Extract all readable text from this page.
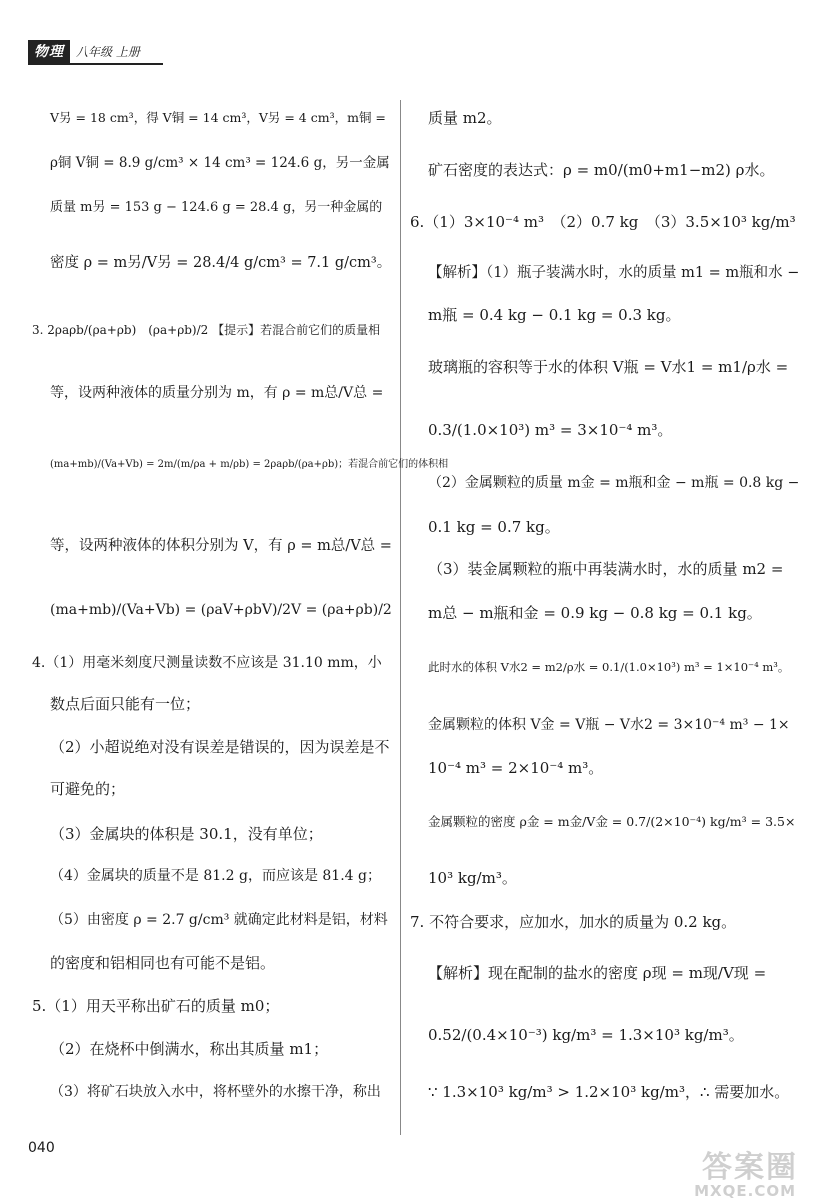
物理	八年级 上册
V另 = 18 cm³，得 V铜 = 14 cm³，V另 = 4 cm³，m铜 =
ρ铜 V铜 = 8.9 g/cm³ × 14 cm³ = 124.6 g，另一金属
质量 m另 = 153 g − 124.6 g = 28.4 g，另一种金属的
密度 ρ = m另/V另 = 28.4/4 g/cm³ = 7.1 g/cm³。
3. 2ρaρb/(ρa+ρb)　(ρa+ρb)/2 【提示】若混合前它们的质量相
等，设两种液体的质量分别为 m，有 ρ = m总/V总 =
(ma+mb)/(Va+Vb) = 2m/(m/ρa + m/ρb) = 2ρaρb/(ρa+ρb)；若混合前它们的体积相
等，设两种液体的体积分别为 V，有 ρ = m总/V总 =
(ma+mb)/(Va+Vb) = (ρaV+ρbV)/2V = (ρa+ρb)/2
4.（1）用毫米刻度尺测量读数不应该是 31.10 mm，小
数点后面只能有一位；
（2）小超说绝对没有误差是错误的，因为误差是不
可避免的；
（3）金属块的体积是 30.1，没有单位；
（4）金属块的质量不是 81.2 g，而应该是 81.4 g；
（5）由密度 ρ = 2.7 g/cm³ 就确定此材料是铝，材料
的密度和铝相同也有可能不是铝。
5.（1）用天平称出矿石的质量 m0；
（2）在烧杯中倒满水，称出其质量 m1；
（3）将矿石块放入水中，将杯壁外的水擦干净，称出
质量 m2。
矿石密度的表达式：ρ = m0/(m0+m1−m2) ρ水。
6.（1）3×10⁻⁴ m³　（2）0.7 kg　（3）3.5×10³ kg/m³
【解析】（1）瓶子装满水时，水的质量 m1 = m瓶和水 −
m瓶 = 0.4 kg − 0.1 kg = 0.3 kg。
玻璃瓶的容积等于水的体积 V瓶 = V水1 = m1/ρ水 =
0.3/(1.0×10³) m³ = 3×10⁻⁴ m³。
（2）金属颗粒的质量 m金 = m瓶和金 − m瓶 = 0.8 kg −
0.1 kg = 0.7 kg。
（3）装金属颗粒的瓶中再装满水时，水的质量 m2 =
m总 − m瓶和金 = 0.9 kg − 0.8 kg = 0.1 kg。
此时水的体积 V水2 = m2/ρ水 = 0.1/(1.0×10³) m³ = 1×10⁻⁴ m³。
金属颗粒的体积 V金 = V瓶 − V水2 = 3×10⁻⁴ m³ − 1×
10⁻⁴ m³ = 2×10⁻⁴ m³。
金属颗粒的密度 ρ金 = m金/V金 = 0.7/(2×10⁻⁴) kg/m³ = 3.5×
10³ kg/m³。
7. 不符合要求，应加水，加水的质量为 0.2 kg。
【解析】现在配制的盐水的密度 ρ现 = m现/V现 =
0.52/(0.4×10⁻³) kg/m³ = 1.3×10³ kg/m³。
∵ 1.3×10³ kg/m³ > 1.2×10³ kg/m³，∴ 需要加水。
040
答案圈
MXQE.COM
